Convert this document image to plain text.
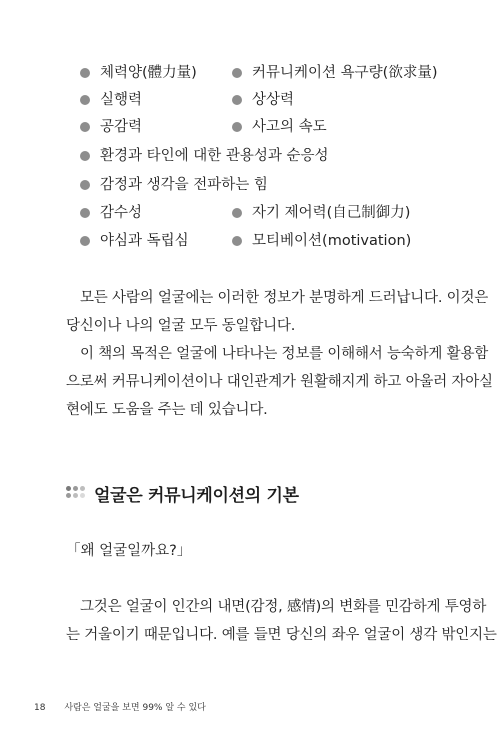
체력양(體力量)	커뮤니케이션 욕구량(欲求量)
실행력	상상력
공감력	사고의 속도
환경과 타인에 대한 관용성과 순응성
감정과 생각을 전파하는 힘
감수성	자기 제어력(自己制御力)
야심과 독립심	모티베이션(motivation)
모든 사람의 얼굴에는 이러한 정보가 분명하게 드러납니다. 이것은
당신이나 나의 얼굴 모두 동일합니다.
이 책의 목적은 얼굴에 나타나는 정보를 이해해서 능숙하게 활용함
으로써 커뮤니케이션이나 대인관계가 원활해지게 하고 아울러 자아실
현에도 도움을 주는 데 있습니다.
얼굴은 커뮤니케이션의 기본
「왜 얼굴일까요?」
그것은 얼굴이 인간의 내면(감정, 感情)의 변화를 민감하게 투영하
는 거울이기 때문입니다. 예를 들면 당신의 좌우 얼굴이 생각 밖인지는
18 사람은 얼굴을 보면 99% 알 수 있다
